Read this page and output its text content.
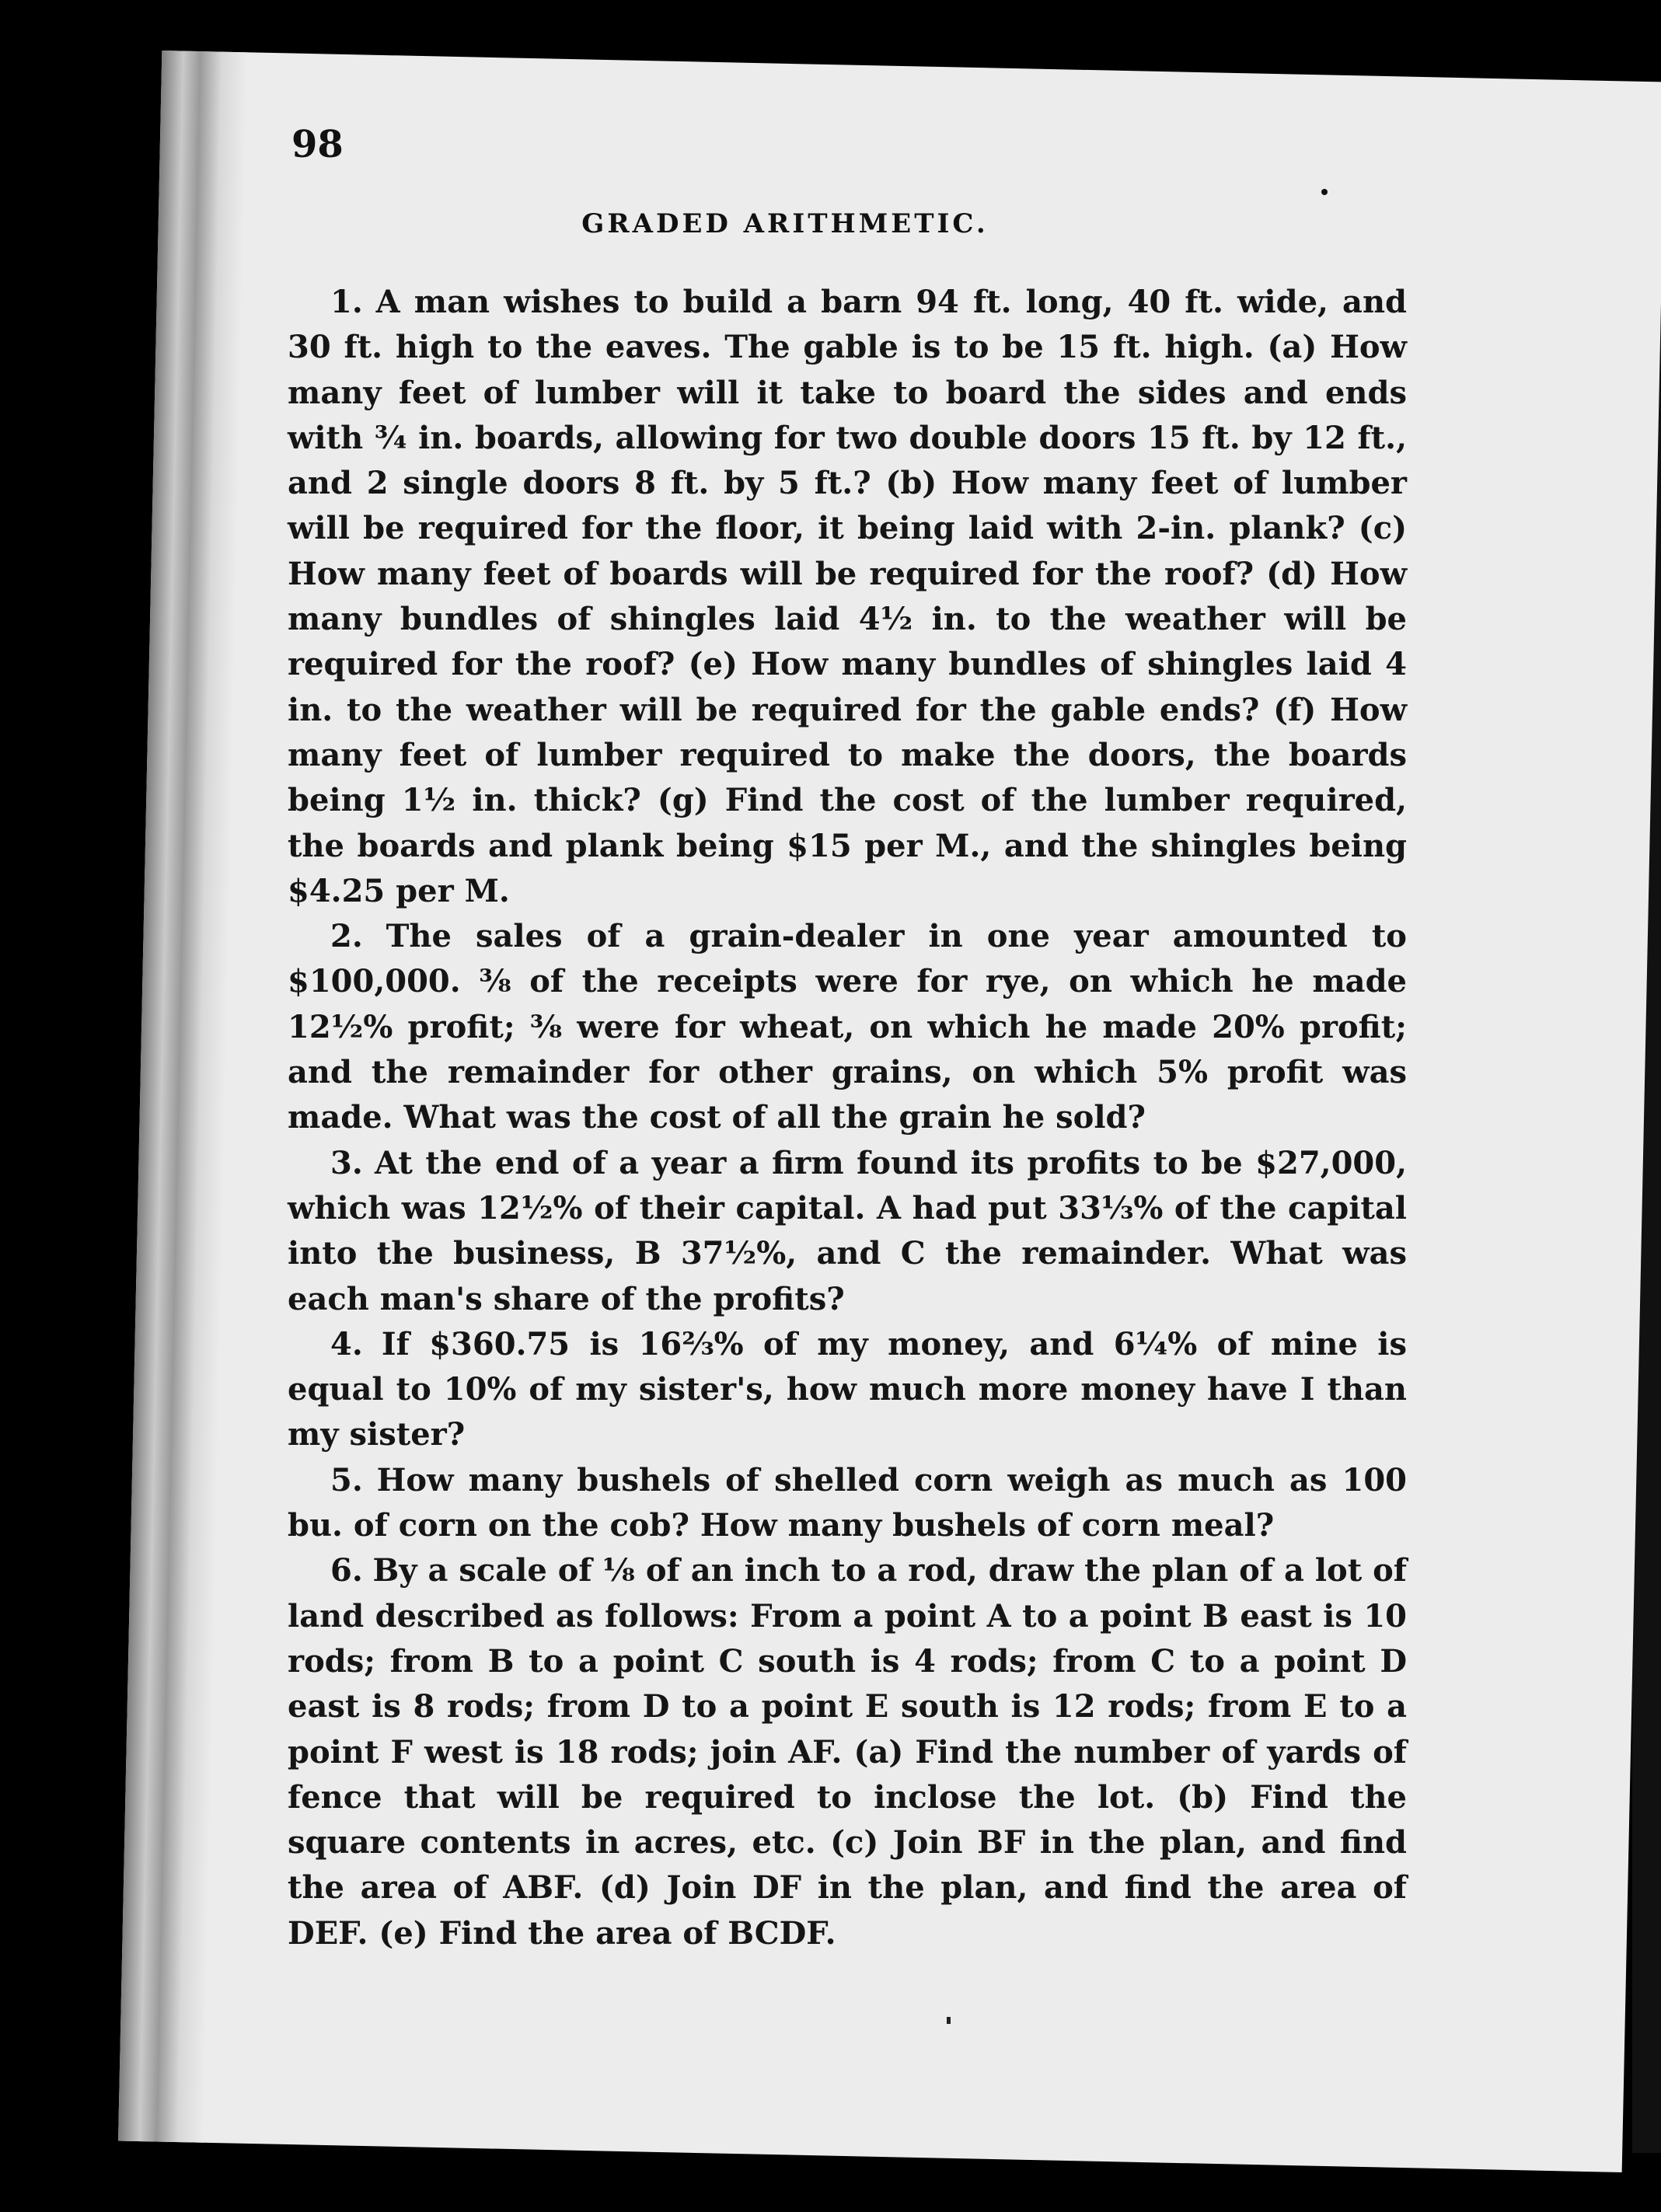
98
GRADED ARITHMETIC.

1. A man wishes to build a barn 94 ft. long, 40 ft. wide, and 30 ft. high to the eaves. The gable is to be 15 ft. high. (a) How many feet of lumber will it take to board the sides and ends with ¾ in. boards, allowing for two double doors 15 ft. by 12 ft., and 2 single doors 8 ft. by 5 ft.? (b) How many feet of lumber will be required for the floor, it being laid with 2-in. plank? (c) How many feet of boards will be required for the roof? (d) How many bundles of shingles laid 4½ in. to the weather will be required for the roof? (e) How many bundles of shingles laid 4 in. to the weather will be required for the gable ends? (f) How many feet of lumber required to make the doors, the boards being 1½ in. thick? (g) Find the cost of the lumber required, the boards and plank being $15 per M., and the shingles being $4.25 per M.

2. The sales of a grain-dealer in one year amounted to $100,000. ⅜ of the receipts were for rye, on which he made 12½% profit; ⅜ were for wheat, on which he made 20% profit; and the remainder for other grains, on which 5% profit was made. What was the cost of all the grain he sold?

3. At the end of a year a firm found its profits to be $27,000, which was 12½% of their capital. A had put 33⅓% of the capital into the business, B 37½%, and C the remainder. What was each man's share of the profits?

4. If $360.75 is 16⅔% of my money, and 6¼% of mine is equal to 10% of my sister's, how much more money have I than my sister?

5. How many bushels of shelled corn weigh as much as 100 bu. of corn on the cob? How many bushels of corn meal?

6. By a scale of ⅛ of an inch to a rod, draw the plan of a lot of land described as follows: From a point A to a point B east is 10 rods; from B to a point C south is 4 rods; from C to a point D east is 8 rods; from D to a point E south is 12 rods; from E to a point F west is 18 rods; join AF. (a) Find the number of yards of fence that will be required to inclose the lot. (b) Find the square contents in acres, etc. (c) Join BF in the plan, and find the area of ABF. (d) Join DF in the plan, and find the area of DEF. (e) Find the area of BCDF.
